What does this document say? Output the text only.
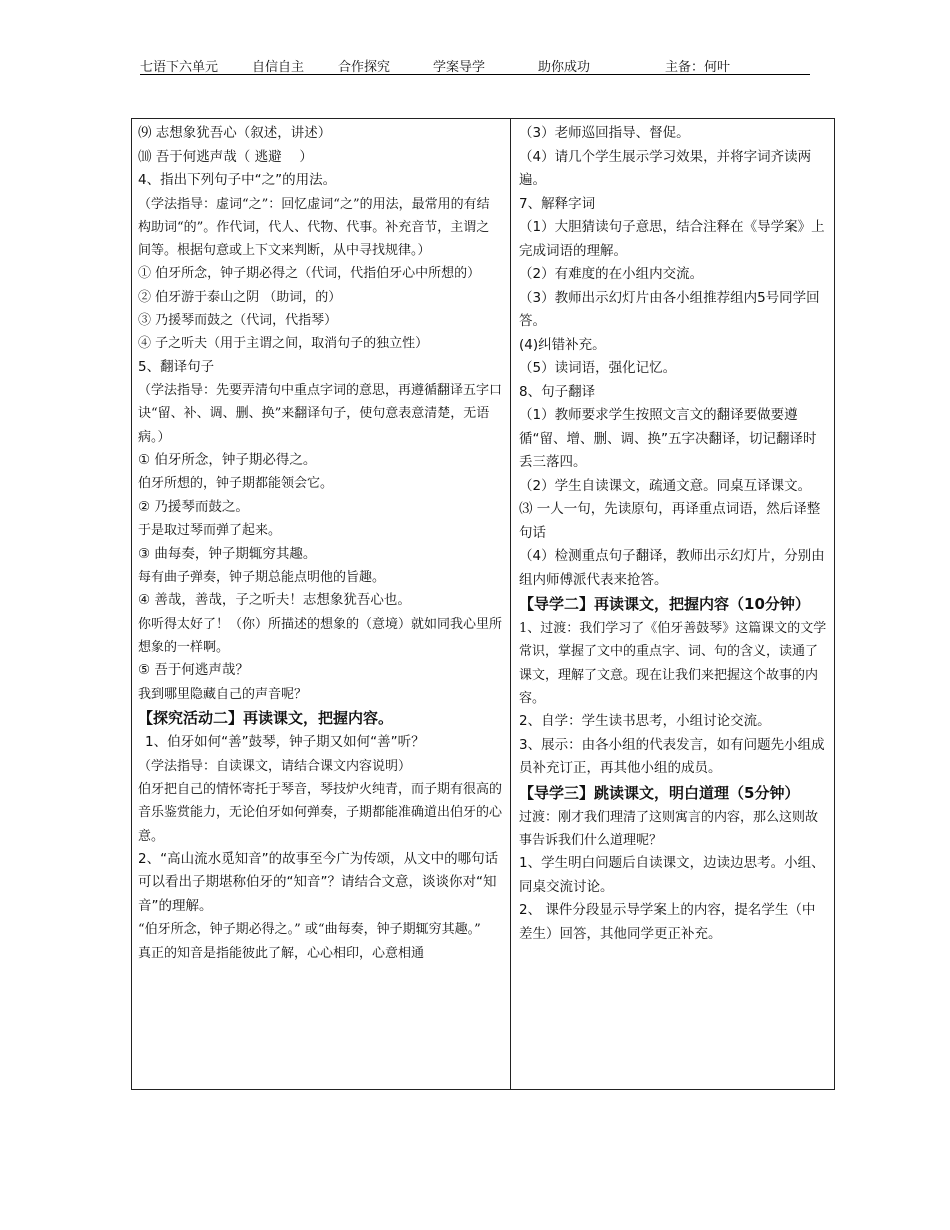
七语下六单元	自信自主	合作探究	学案导学	助你成功	主备：何叶

⑼ 志想象犹吾心（叙述，讲述）

⑽ 吾于何逃声哉（ 逃避　 ）

4、指出下列句子中“之”的用法。

（学法指导：虚词“之”：回忆虚词“之”的用法，最常用的有结构助词“的”。作代词，代人、代物、代事。补充音节，主谓之间等。根据句意或上下文来判断，从中寻找规律。）

① 伯牙所念，钟子期必得之（代词，代指伯牙心中所想的）

② 伯牙游于泰山之阴 （助词，的）

③ 乃援琴而鼓之（代词，代指琴）

④ 子之听夫（用于主谓之间，取消句子的独立性）

5、翻译句子

（学法指导：先要弄清句中重点字词的意思，再遵循翻译五字口诀“留、补、调、删、换”来翻译句子，使句意表意清楚，无语病。）

① 伯牙所念，钟子期必得之。

伯牙所想的，钟子期都能领会它。

② 乃援琴而鼓之。

于是取过琴而弹了起来。

③ 曲每奏，钟子期辄穷其趣。

每有曲子弹奏，钟子期总能点明他的旨趣。

④ 善哉，善哉，子之听夫！志想象犹吾心也。

你听得太好了！（你）所描述的想象的（意境）就如同我心里所想象的一样啊。

⑤ 吾于何逃声哉？

我到哪里隐藏自己的声音呢？

【探究活动二】再读课文，把握内容。

1、伯牙如何“善”鼓琴，钟子期又如何“善”听？

（学法指导：自读课文，请结合课文内容说明）

伯牙把自己的情怀寄托于琴音，琴技炉火纯青，而子期有很高的音乐鉴赏能力，无论伯牙如何弹奏，子期都能准确道出伯牙的心意。

2、“高山流水觅知音”的故事至今广为传颂，从文中的哪句话可以看出子期堪称伯牙的“知音”？请结合文意，谈谈你对“知音”的理解。

“伯牙所念，钟子期必得之。” 或“曲每奏，钟子期辄穷其趣。”

真正的知音是指能彼此了解，心心相印，心意相通

（3）老师巡回指导、督促。

（4）请几个学生展示学习效果，并将字词齐读两遍。

7、解释字词

（1）大胆猜读句子意思，结合注释在《导学案》上完成词语的理解。

（2）有难度的在小组内交流。

（3）教师出示幻灯片由各小组推荐组内5号同学回答。

(4)纠错补充。

（5）读词语，强化记忆。

8、句子翻译

（1）教师要求学生按照文言文的翻译要做要遵循“留、增、删、调、换”五字决翻译，切记翻译时丢三落四。

（2）学生自读课文，疏通文意。同桌互译课文。

⑶ 一人一句，先读原句，再译重点词语，然后译整句话

（4）检测重点句子翻译，教师出示幻灯片，分别由组内师傅派代表来抢答。

【导学二】再读课文，把握内容（10分钟）

1、过渡：我们学习了《伯牙善鼓琴》这篇课文的文学常识，掌握了文中的重点字、词、句的含义，读通了课文，理解了文意。现在让我们来把握这个故事的内容。

2、自学：学生读书思考，小组讨论交流。

3、展示：由各小组的代表发言，如有问题先小组成员补充订正，再其他小组的成员。

【导学三】跳读课文，明白道理（5分钟）

过渡：刚才我们理清了这则寓言的内容，那么这则故事告诉我们什么道理呢？

1、学生明白问题后自读课文，边读边思考。小组、同桌交流讨论。

2、 课件分段显示导学案上的内容，提名学生（中差生）回答，其他同学更正补充。
